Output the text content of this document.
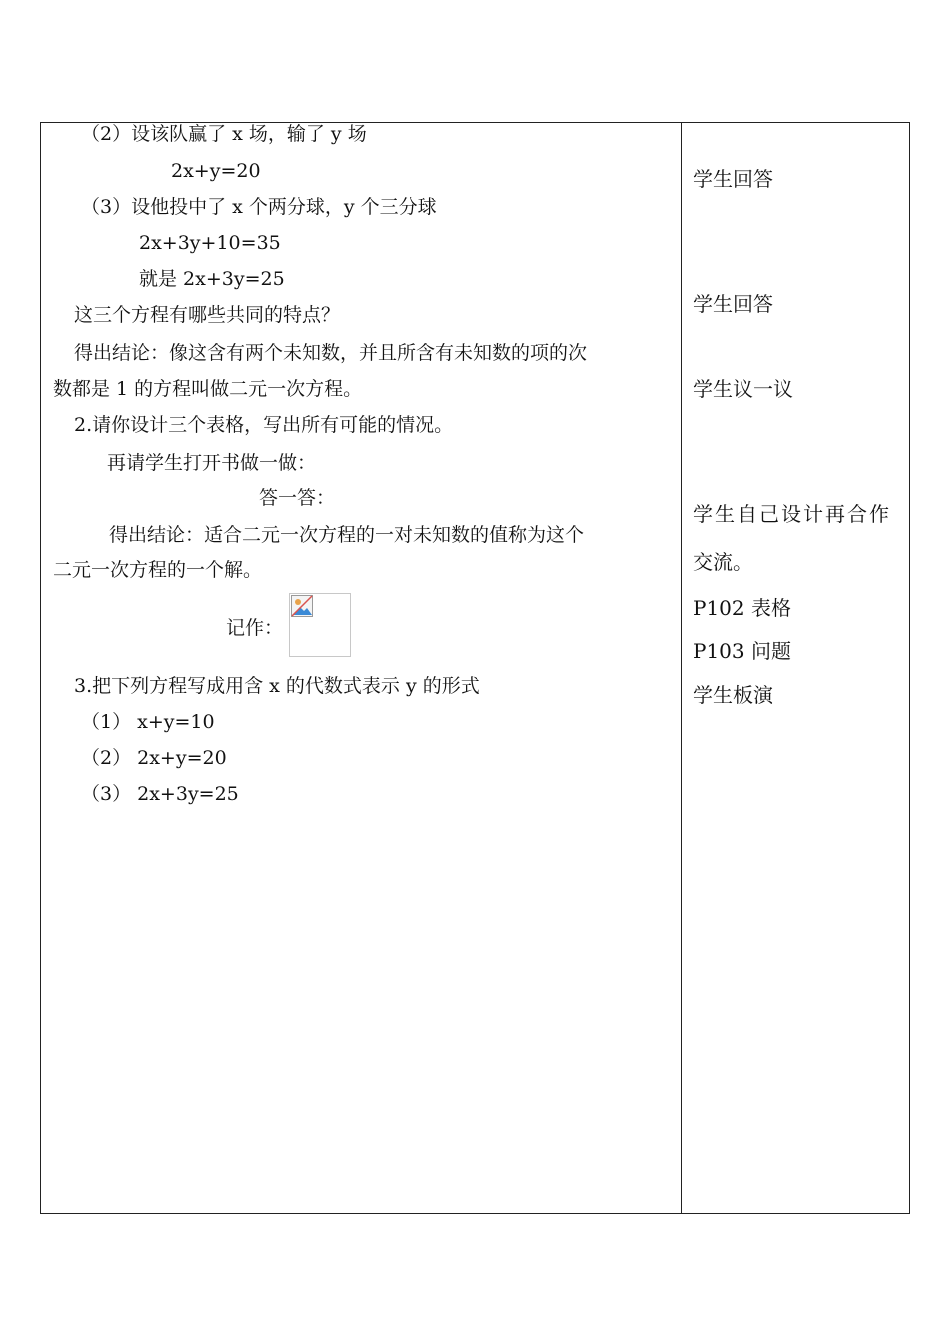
（2）设该队赢了 x 场，输了 y 场
2x+y=20
（3）设他投中了 x 个两分球，y 个三分球
2x+3y+10=35
就是 2x+3y=25
这三个方程有哪些共同的特点？
得出结论：像这含有两个未知数，并且所含有未知数的项的次
数都是 1 的方程叫做二元一次方程。
2.请你设计三个表格，写出所有可能的情况。
再请学生打开书做一做：
答一答：
得出结论：适合二元一次方程的一对未知数的值称为这个
二元一次方程的一个解。
记作：
3.把下列方程写成用含 x 的代数式表示 y 的形式
（1） x+y=10
（2） 2x+y=20
（3） 2x+3y=25
学生回答
学生回答
学生议一议
学生自己设计再合作
交流。
P102 表格
P103 问题
学生板演
